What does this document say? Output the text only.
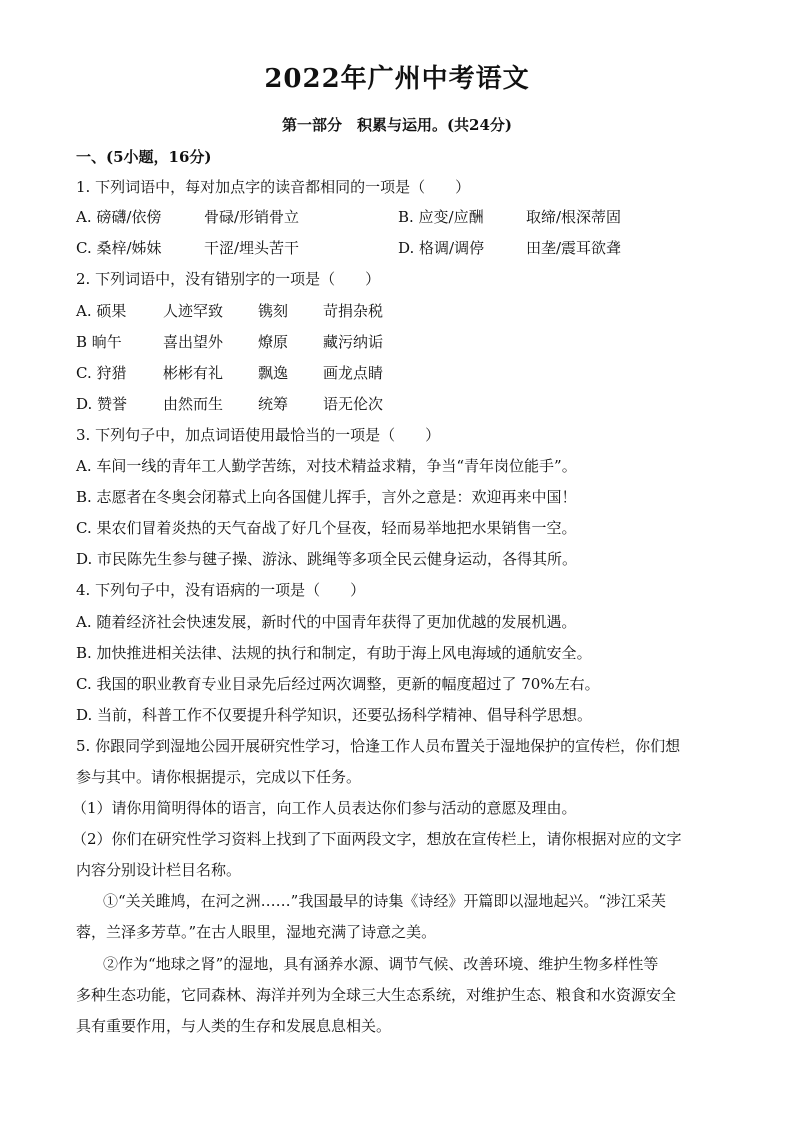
2022年广州中考语文
第一部分　积累与运用。(共24分)
一、(5小题，16分)
1. 下列词语中，每对加点字的读音都相同的一项是（　　）
A. 磅礴/依傍	骨碌/形销骨立	B. 应变/应酬	取缔/根深蒂固
C. 桑梓/姊妹	干涩/埋头苦干	D. 格调/调停	田垄/震耳欲聋
2. 下列词语中，没有错别字的一项是（　　）
A. 硕果 人迹罕致 镌刻 苛捐杂税
B 晌午	喜出望外 燎原 藏污纳诟
C. 狩猎 彬彬有礼 飘逸 画龙点睛
D. 赞誉 由然而生 统筹 语无伦次
3. 下列句子中，加点词语使用最恰当的一项是（　　）
A. 车间一线的青年工人勤学苦练，对技术精益求精，争当“青年岗位能手”。
B. 志愿者在冬奥会闭幕式上向各国健儿挥手，言外之意是：欢迎再来中国！
C. 果农们冒着炎热的天气奋战了好几个昼夜，轻而易举地把水果销售一空。
D. 市民陈先生参与毽子操、游泳、跳绳等多项全民云健身运动，各得其所。
4. 下列句子中，没有语病的一项是（　　）
A. 随着经济社会快速发展，新时代的中国青年获得了更加优越的发展机遇。
B. 加快推进相关法律、法规的执行和制定，有助于海上风电海域的通航安全。
C. 我国的职业教育专业目录先后经过两次调整，更新的幅度超过了 70%左右。
D. 当前，科普工作不仅要提升科学知识，还要弘扬科学精神、倡导科学思想。
5. 你跟同学到湿地公园开展研究性学习，恰逢工作人员布置关于湿地保护的宣传栏，你们想
参与其中。请你根据提示，完成以下任务。
（1）请你用简明得体的语言，向工作人员表达你们参与活动的意愿及理由。
（2）你们在研究性学习资料上找到了下面两段文字，想放在宣传栏上，请你根据对应的文字
内容分别设计栏目名称。
①“关关雎鸠，在河之洲……”我国最早的诗集《诗经》开篇即以湿地起兴。“涉江采芙
蓉，兰泽多芳草。”在古人眼里，湿地充满了诗意之美。
②作为“地球之肾”的湿地，具有涵养水源、调节气候、改善环境、维护生物多样性等
多种生态功能，它同森林、海洋并列为全球三大生态系统，对维护生态、粮食和水资源安全
具有重要作用，与人类的生存和发展息息相关。
